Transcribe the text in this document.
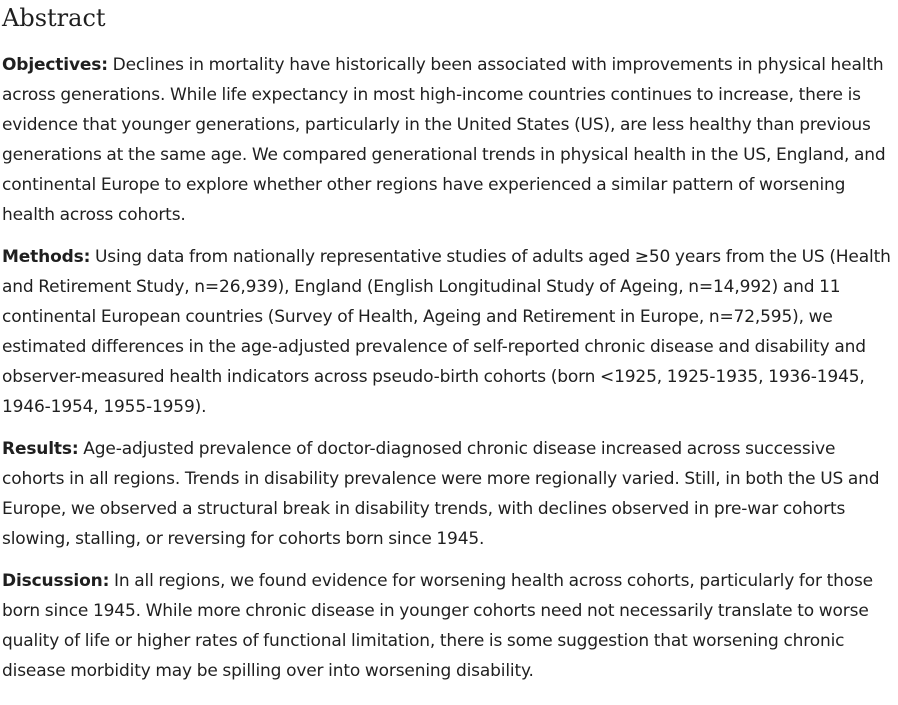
Abstract

Objectives: Declines in mortality have historically been associated with improvements in physical health across generations. While life expectancy in most high-income countries continues to increase, there is evidence that younger generations, particularly in the United States (US), are less healthy than previous generations at the same age. We compared generational trends in physical health in the US, England, and continental Europe to explore whether other regions have experienced a similar pattern of worsening health across cohorts.

Methods: Using data from nationally representative studies of adults aged ≥50 years from the US (Health and Retirement Study, n=26,939), England (English Longitudinal Study of Ageing, n=14,992) and 11 continental European countries (Survey of Health, Ageing and Retirement in Europe, n=72,595), we estimated differences in the age-adjusted prevalence of self-reported chronic disease and disability and observer-measured health indicators across pseudo-birth cohorts (born <1925, 1925-1935, 1936-1945, 1946-1954, 1955-1959).

Results: Age-adjusted prevalence of doctor-diagnosed chronic disease increased across successive cohorts in all regions. Trends in disability prevalence were more regionally varied. Still, in both the US and Europe, we observed a structural break in disability trends, with declines observed in pre-war cohorts slowing, stalling, or reversing for cohorts born since 1945.

Discussion: In all regions, we found evidence for worsening health across cohorts, particularly for those born since 1945. While more chronic disease in younger cohorts need not necessarily translate to worse quality of life or higher rates of functional limitation, there is some suggestion that worsening chronic disease morbidity may be spilling over into worsening disability.
